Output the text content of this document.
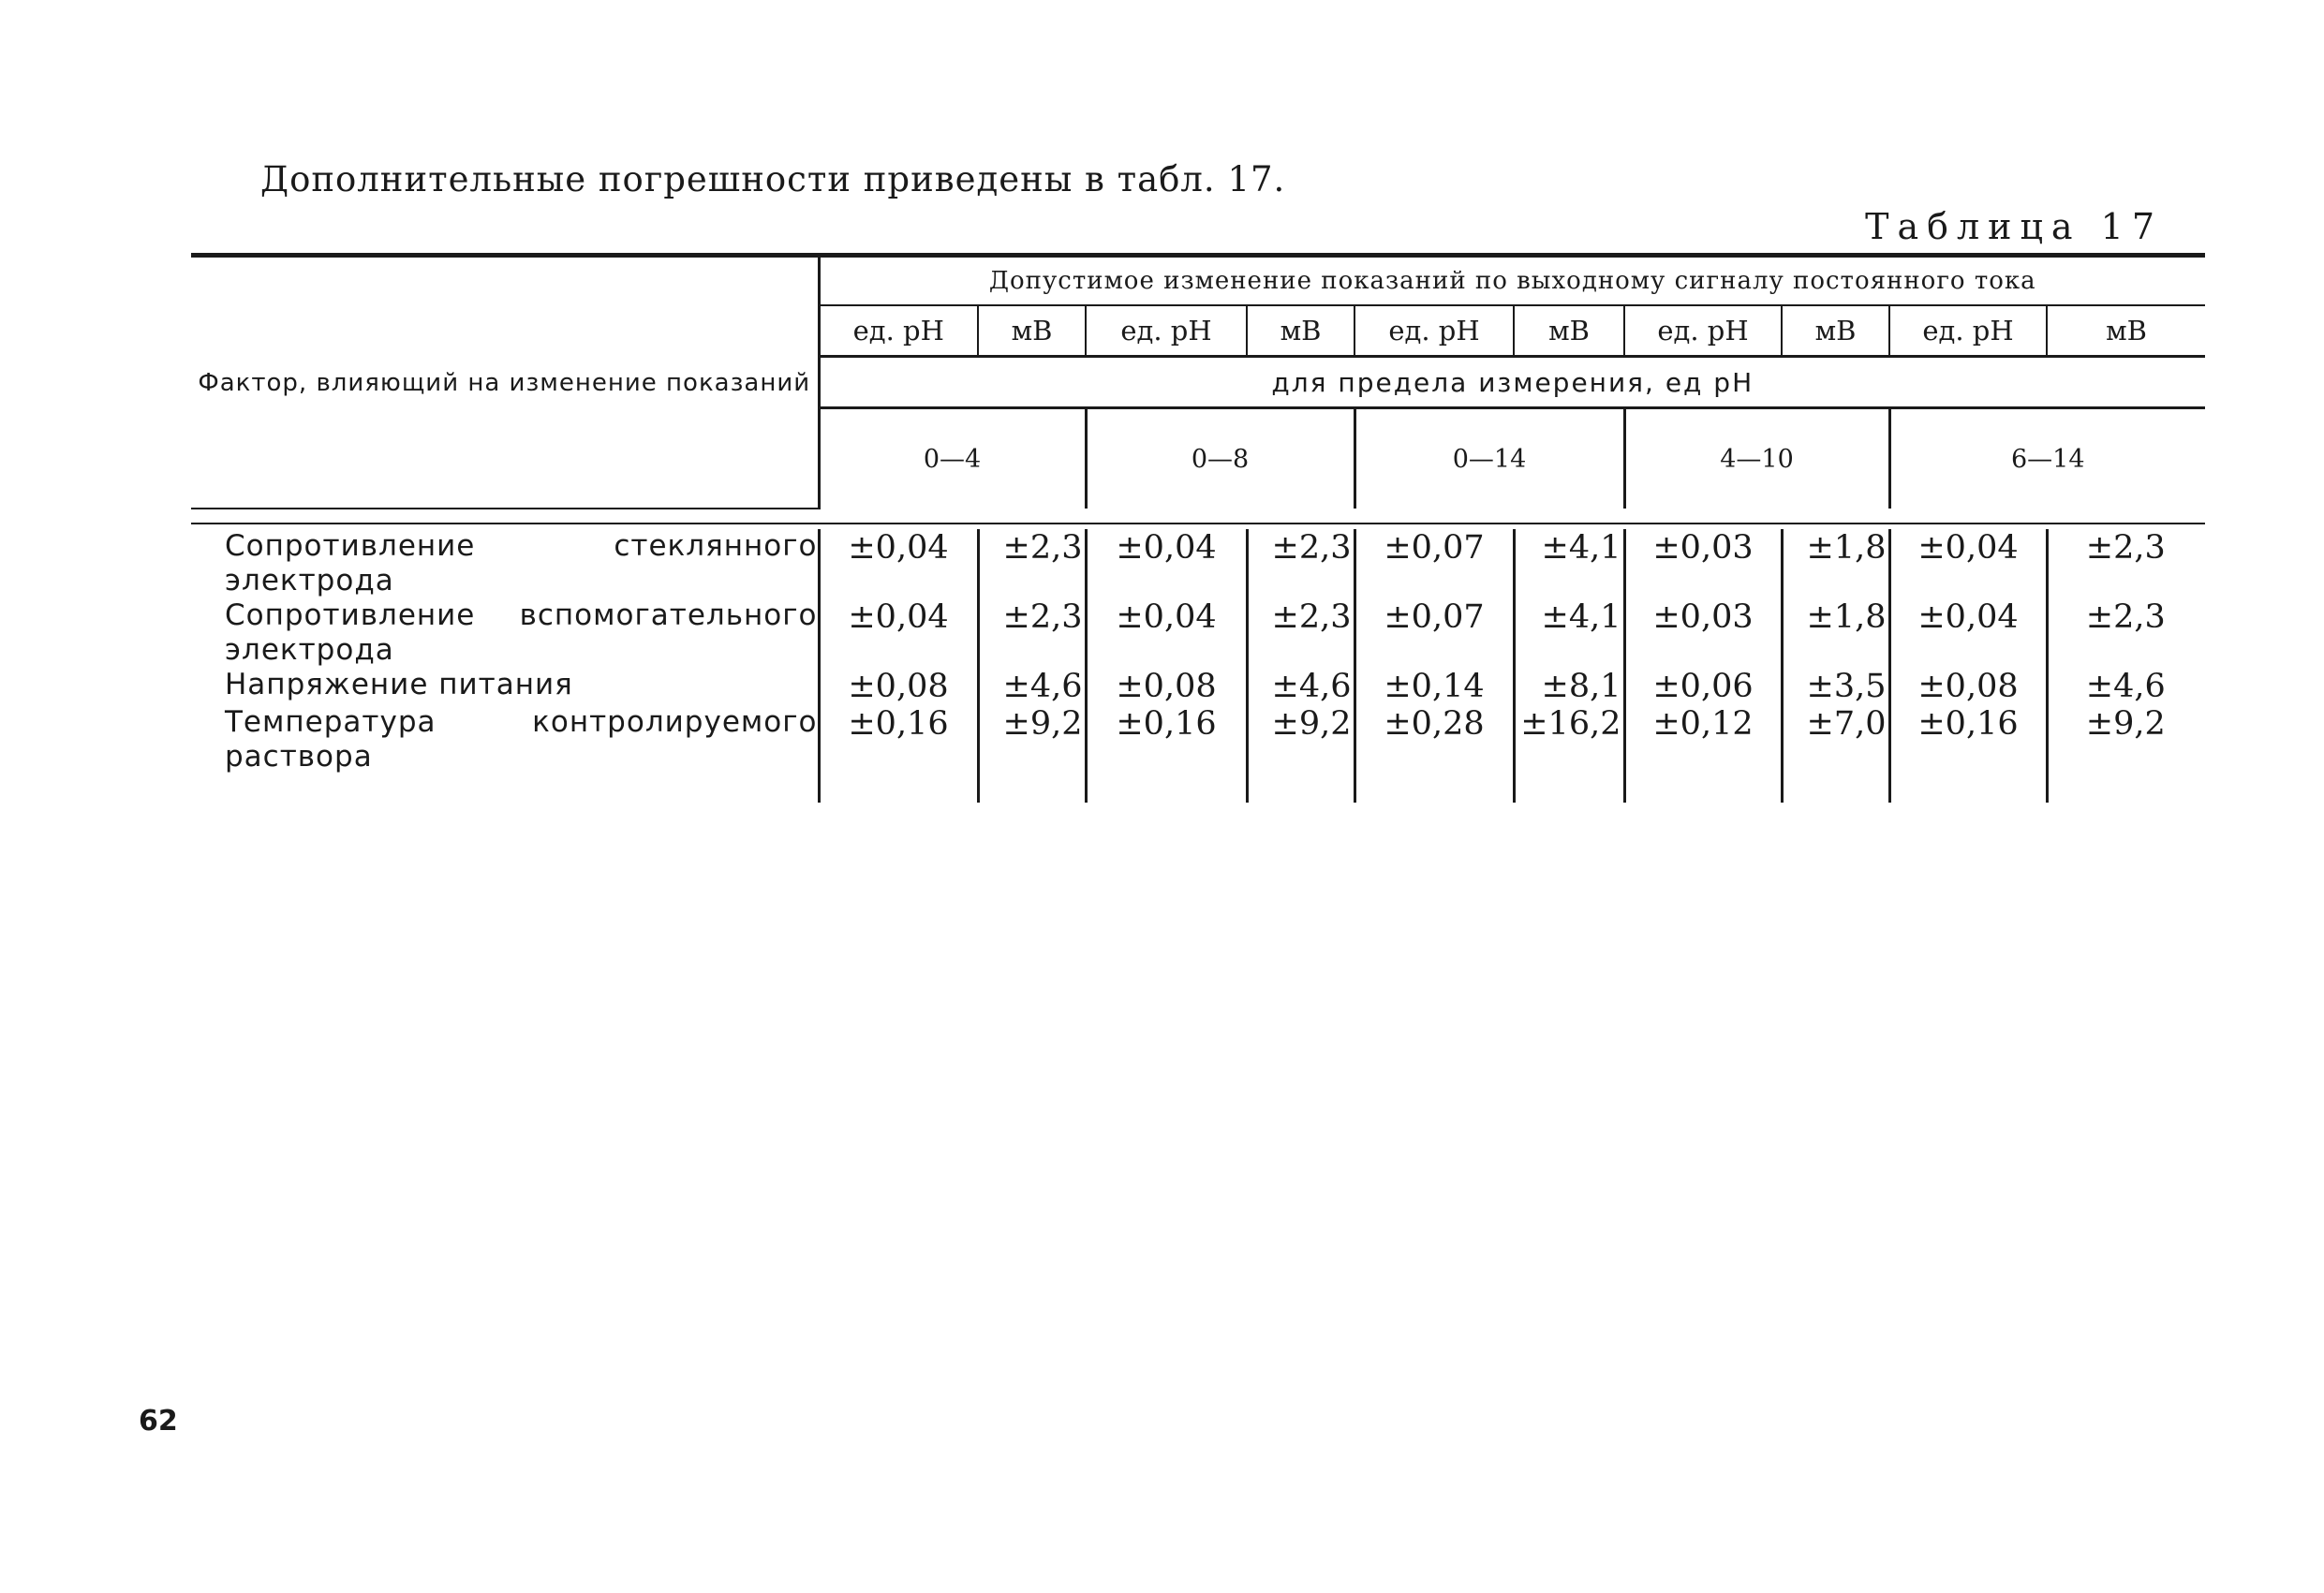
Дополнительные погрешности приведены в табл. 17.
Таблица 17
Фактор, влияющий на изменение показаний	Допустимое изменение показаний по выходному сигналу постоянного тока									
	ед. pH	мВ	ед. pH	мВ	ед. pH	мВ	ед. pH	мВ	ед. pH	мВ
	для предела измерения, ед pH									
	0—4		0—8		0—14		4—10		6—14	

Сопротивление стеклянного электрода	±0,04	±2,3	±0,04	±2,3	±0,07	±4,1	±0,03	±1,8	±0,04	±2,3

Сопротивление вспомогательного электрода	±0,04	±2,3	±0,04	±2,3	±0,07	±4,1	±0,03	±1,8	±0,04	±2,3

Напряжение питания	±0,08	±4,6	±0,08	±4,6	±0,14	±8,1	±0,06	±3,5	±0,08	±4,6

Температура контролируемого раствора	±0,16	±9,2	±0,16	±9,2	±0,28	±16,2	±0,12	±7,0	±0,16	±9,2
62
